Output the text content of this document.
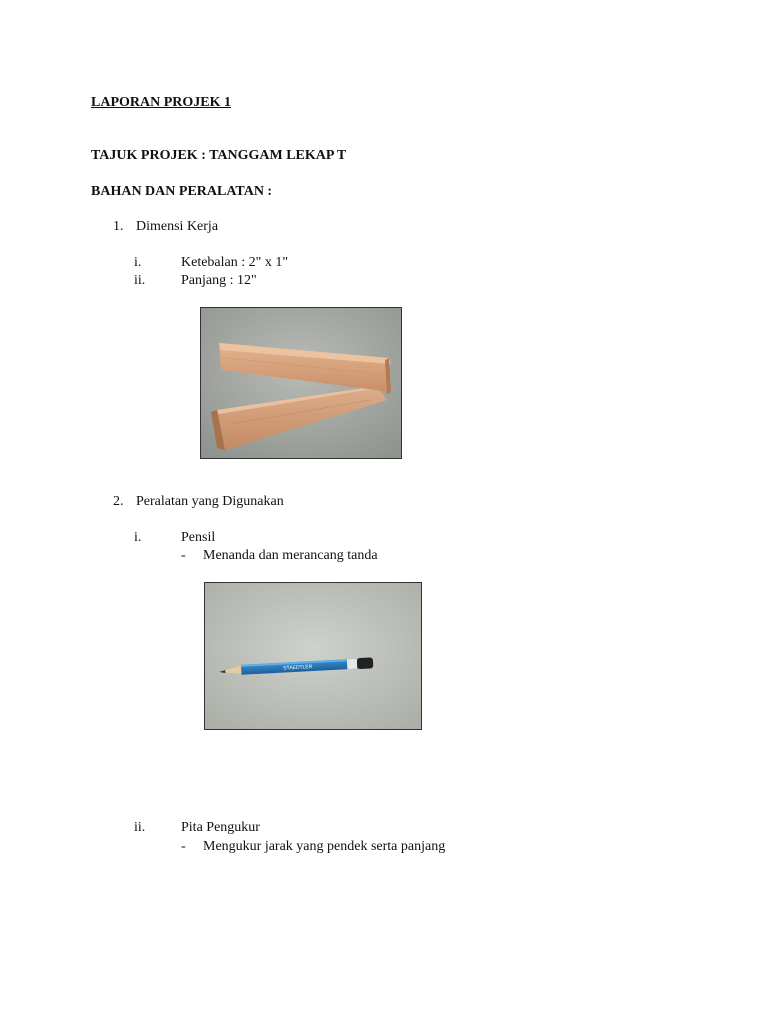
LAPORAN PROJEK 1
TAJUK PROJEK : TANGGAM LEKAP T
BAHAN DAN PERALATAN :
1. Dimensi Kerja
i.	Ketebalan : 2" x 1"
ii.	Panjang : 12"
2. Peralatan yang Digunakan
i.	Pensil
- Menanda dan merancang tanda
STAEDTLER
ii.	Pita Pengukur
- Mengukur jarak yang pendek serta panjang
